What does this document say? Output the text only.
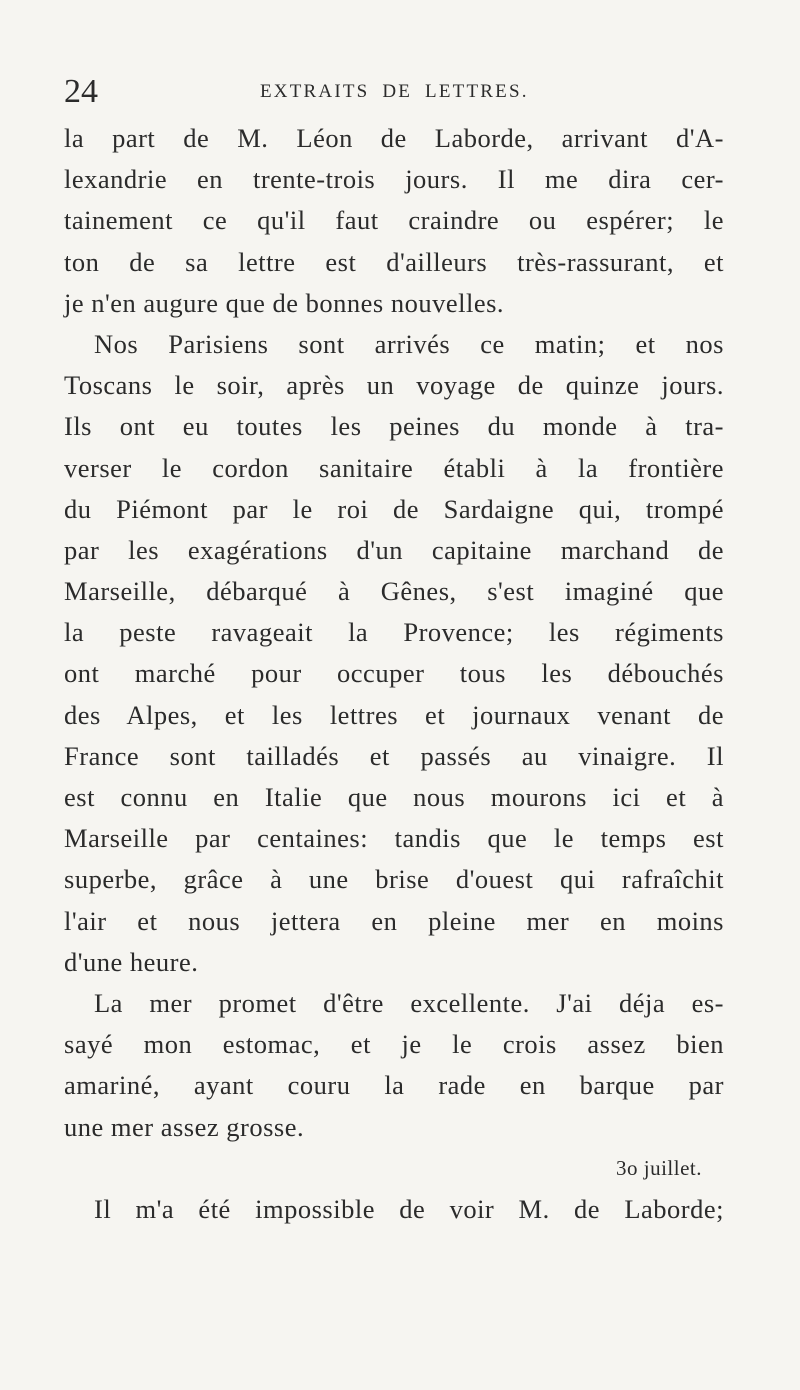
24	EXTRAITS DE LETTRES.
la part de M. Léon de Laborde, arrivant d'A-
lexandrie en trente-trois jours. Il me dira cer-
tainement ce qu'il faut craindre ou espérer; le
ton de sa lettre est d'ailleurs très-rassurant, et
je n'en augure que de bonnes nouvelles.
Nos Parisiens sont arrivés ce matin; et nos
Toscans le soir, après un voyage de quinze jours.
Ils ont eu toutes les peines du monde à tra-
verser le cordon sanitaire établi à la frontière
du Piémont par le roi de Sardaigne qui, trompé
par les exagérations d'un capitaine marchand de
Marseille, débarqué à Gênes, s'est imaginé que
la peste ravageait la Provence; les régiments
ont marché pour occuper tous les débouchés
des Alpes, et les lettres et journaux venant de
France sont tailladés et passés au vinaigre. Il
est connu en Italie que nous mourons ici et à
Marseille par centaines: tandis que le temps est
superbe, grâce à une brise d'ouest qui rafraîchit
l'air et nous jettera en pleine mer en moins
d'une heure.
La mer promet d'être excellente. J'ai déja es-
sayé mon estomac, et je le crois assez bien
amariné, ayant couru la rade en barque par
une mer assez grosse.
3o juillet.
Il m'a été impossible de voir M. de Laborde;
